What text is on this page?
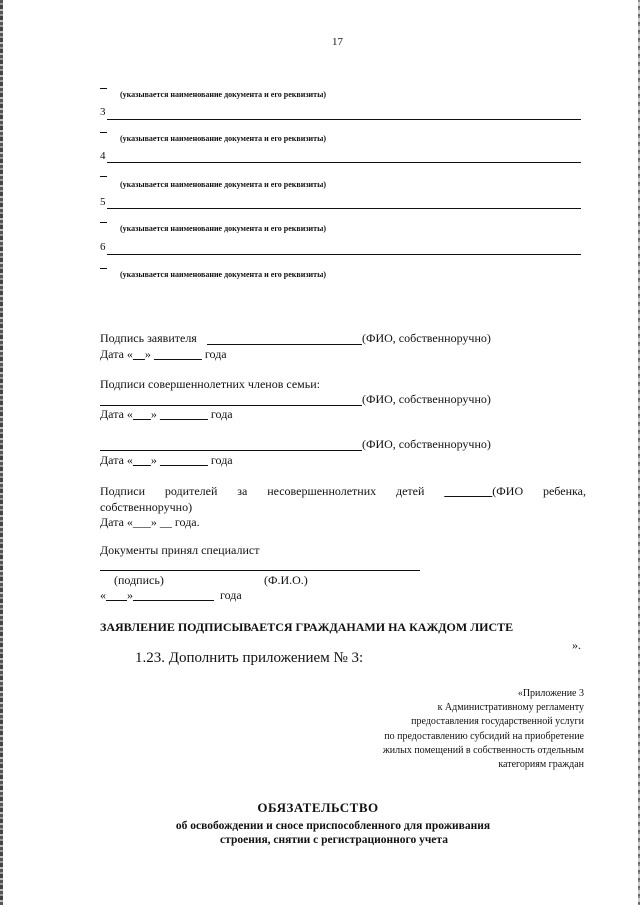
17
(указывается наименование документа и его реквизиты)
3
(указывается наименование документа и его реквизиты)
4
(указывается наименование документа и его реквизиты)
5
(указывается наименование документа и его реквизиты)
6
(указывается наименование документа и его реквизиты)
Подпись заявителя	(ФИО, собственноручно)
Дата « »	года
Подписи совершеннолетних членов семьи:
(ФИО, собственноручно)
Дата « »	года
(ФИО, собственноручно)
Дата « »	года
Подписи родителей за несовершеннолетних детей	(ФИО ребенка,
собственноручно)
Дата «___» __ года.
Документы принял специалист
(подпись)	(Ф.И.О.)
« »	года
ЗАЯВЛЕНИЕ ПОДПИСЫВАЕТСЯ ГРАЖДАНАМИ НА КАЖДОМ ЛИСТЕ
».
1.23. Дополнить приложением № 3:
«Приложение 3
к Административному регламенту
предоставления государственной услуги
по предоставлению субсидий на приобретение
жилых помещений в собственность отдельным
категориям граждан
ОБЯЗАТЕЛЬСТВО
об освобождении и сносе приспособленного для проживания
строения, снятии с регистрационного учета
